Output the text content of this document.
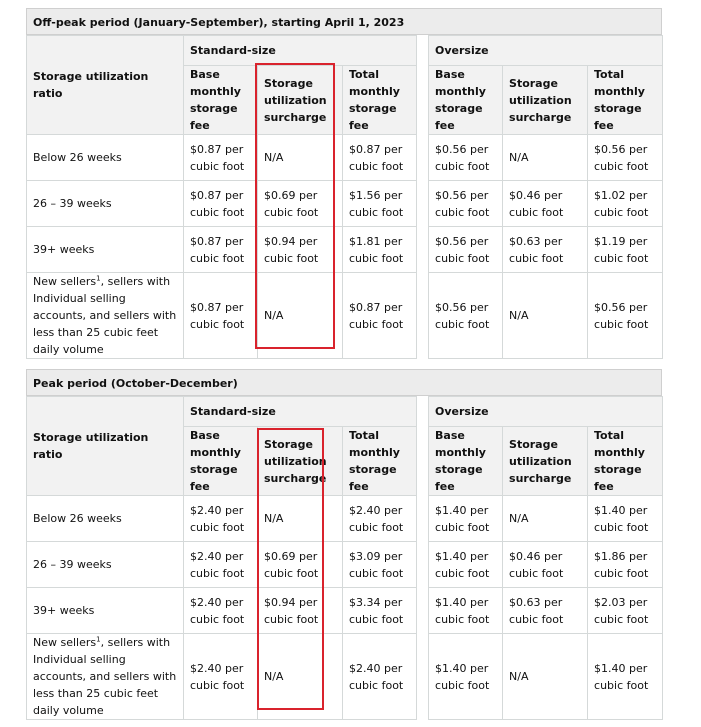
Off-peak period (January-September), starting April 1, 2023
Storage utilization ratio	Standard-size				Oversize		
	Base monthly storage fee	Storage utilization surcharge	Total monthly storage fee		Base monthly storage fee	Storage utilization surcharge	Total monthly storage fee
Below 26 weeks	$0.87 per cubic foot	N/A	$0.87 per cubic foot		$0.56 per cubic foot	N/A	$0.56 per cubic foot
26 – 39 weeks	$0.87 per cubic foot	$0.69 per cubic foot	$1.56 per cubic foot		$0.56 per cubic foot	$0.46 per cubic foot	$1.02 per cubic foot
39+ weeks	$0.87 per cubic foot	$0.94 per cubic foot	$1.81 per cubic foot		$0.56 per cubic foot	$0.63 per cubic foot	$1.19 per cubic foot
New sellers$^1$, sellers with Individual selling accounts, and sellers with less than 25 cubic feet daily volume	$0.87 per cubic foot	N/A	$0.87 per cubic foot		$0.56 per cubic foot	N/A	$0.56 per cubic foot
Peak period (October-December)
Storage utilization ratio	Standard-size				Oversize		
	Base monthly storage fee	Storage utilization surcharge	Total monthly storage fee		Base monthly storage fee	Storage utilization surcharge	Total monthly storage fee
Below 26 weeks	$2.40 per cubic foot	N/A	$2.40 per cubic foot		$1.40 per cubic foot	N/A	$1.40 per cubic foot
26 – 39 weeks	$2.40 per cubic foot	$0.69 per cubic foot	$3.09 per cubic foot		$1.40 per cubic foot	$0.46 per cubic foot	$1.86 per cubic foot
39+ weeks	$2.40 per cubic foot	$0.94 per cubic foot	$3.34 per cubic foot		$1.40 per cubic foot	$0.63 per cubic foot	$2.03 per cubic foot
New sellers$^1$, sellers with Individual selling accounts, and sellers with less than 25 cubic feet daily volume	$2.40 per cubic foot	N/A	$2.40 per cubic foot		$1.40 per cubic foot	N/A	$1.40 per cubic foot
